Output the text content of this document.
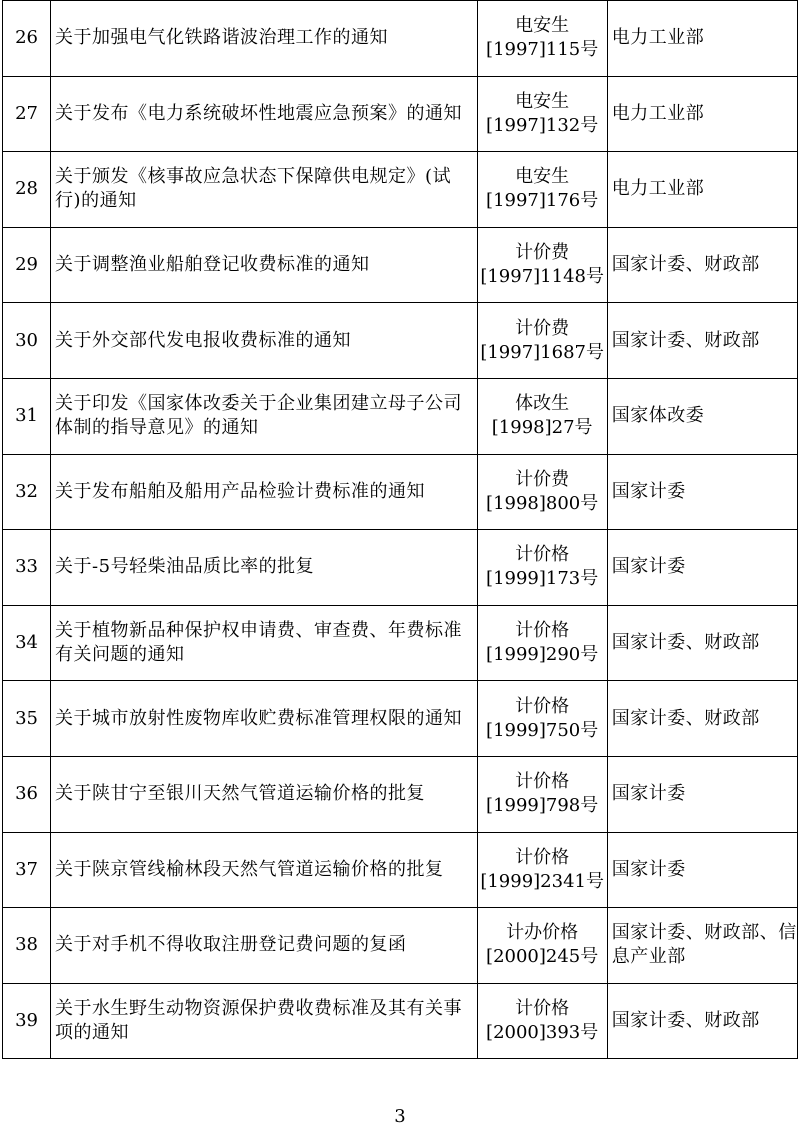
26	关于加强电气化铁路谐波治理工作的通知	电安生
[1997]115号	电力工业部
27	关于发布《电力系统破坏性地震应急预案》的通知	电安生
[1997]132号	电力工业部
28	关于颁发《核事故应急状态下保障供电规定》(试行)的通知	电安生
[1997]176号	电力工业部
29	关于调整渔业船舶登记收费标准的通知	计价费
[1997]1148号	国家计委、财政部
30	关于外交部代发电报收费标准的通知	计价费
[1997]1687号	国家计委、财政部
31	关于印发《国家体改委关于企业集团建立母子公司体制的指导意见》的通知	体改生
[1998]27号	国家体改委
32	关于发布船舶及船用产品检验计费标准的通知	计价费
[1998]800号	国家计委
33	关于-5号轻柴油品质比率的批复	计价格
[1999]173号	国家计委
34	关于植物新品种保护权申请费、审查费、年费标准有关问题的通知	计价格
[1999]290号	国家计委、财政部
35	关于城市放射性废物库收贮费标准管理权限的通知	计价格
[1999]750号	国家计委、财政部
36	关于陕甘宁至银川天然气管道运输价格的批复	计价格
[1999]798号	国家计委
37	关于陕京管线榆林段天然气管道运输价格的批复	计价格
[1999]2341号	国家计委
38	关于对手机不得收取注册登记费问题的复函	计办价格
[2000]245号	国家计委、财政部、信息产业部
39	关于水生野生动物资源保护费收费标准及其有关事项的通知	计价格
[2000]393号	国家计委、财政部
3
